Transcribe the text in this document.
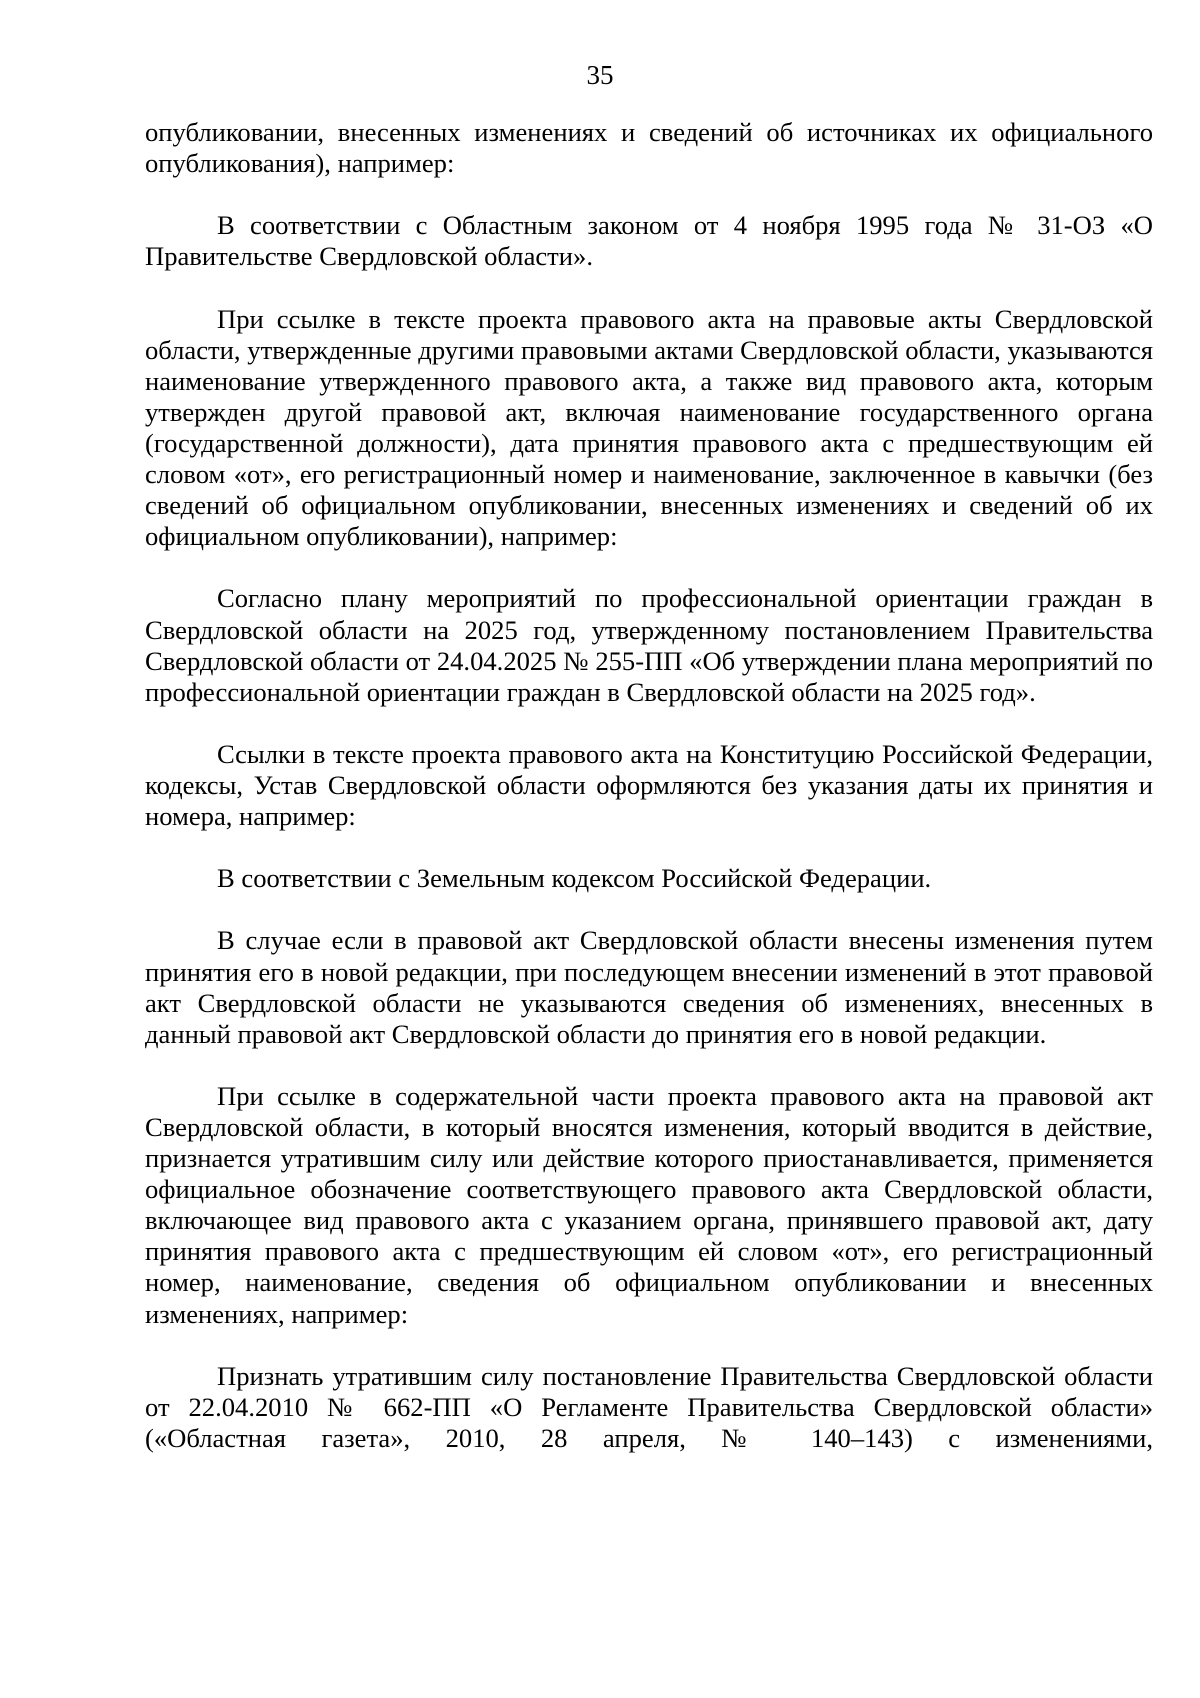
35

опубликовании, внесенных изменениях и сведений об источниках их официального опубликования), например:

В соответствии с Областным законом от 4 ноября 1995 года № 31-ОЗ «О Правительстве Свердловской области».

При ссылке в тексте проекта правового акта на правовые акты Свердловской области, утвержденные другими правовыми актами Свердловской области, указываются наименование утвержденного правового акта, а также вид правового акта, которым утвержден другой правовой акт, включая наименование государственного органа (государственной должности), дата принятия правового акта с предшествующим ей словом «от», его регистрационный номер и наименование, заключенное в кавычки (без сведений об официальном опубликовании, внесенных изменениях и сведений об их официальном опубликовании), например:

Согласно плану мероприятий по профессиональной ориентации граждан в Свердловской области на 2025 год, утвержденному постановлением Правительства Свердловской области от 24.04.2025 № 255-ПП «Об утверждении плана мероприятий по профессиональной ориентации граждан в Свердловской области на 2025 год».

Ссылки в тексте проекта правового акта на Конституцию Российской Федерации, кодексы, Устав Свердловской области оформляются без указания даты их принятия и номера, например:

В соответствии с Земельным кодексом Российской Федерации.

В случае если в правовой акт Свердловской области внесены изменения путем принятия его в новой редакции, при последующем внесении изменений в этот правовой акт Свердловской области не указываются сведения об изменениях, внесенных в данный правовой акт Свердловской области до принятия его в новой редакции.

При ссылке в содержательной части проекта правового акта на правовой акт Свердловской области, в который вносятся изменения, который вводится в действие, признается утратившим силу или действие которого приостанавливается, применяется официальное обозначение соответствующего правового акта Свердловской области, включающее вид правового акта с указанием органа, принявшего правовой акт, дату принятия правового акта с предшествующим ей словом «от», его регистрационный номер, наименование, сведения об официальном опубликовании и внесенных изменениях, например:

Признать утратившим силу постановление Правительства Свердловской области от 22.04.2010 № 662-ПП «О Регламенте Правительства Свердловской области» («Областная газета», 2010, 28 апреля, № 140–143) с изменениями,
